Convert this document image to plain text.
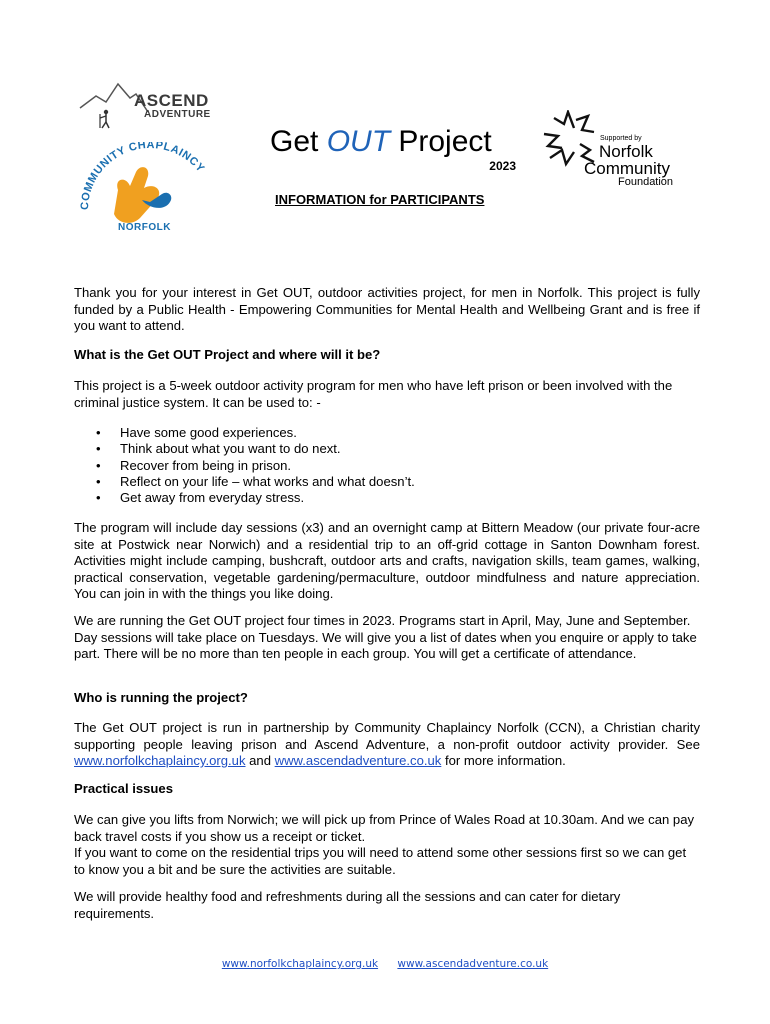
ASCEND
ADVENTURE
COMMUNITY CHAPLAINCY
NORFOLK
Get OUT Project
2023
INFORMATION for PARTICIPANTS
Supported by
Norfolk
Community
Foundation
Thank you for your interest in Get OUT, outdoor activities project, for men in Norfolk. This project is fully funded by a Public Health - Empowering Communities for Mental Health and Wellbeing Grant and is free if you want to attend.
What is the Get OUT Project and where will it be?
This project is a 5-week outdoor activity program for men who have left prison or been involved with the criminal justice system. It can be used to: -
• Have some good experiences.
• Think about what you want to do next.
• Recover from being in prison.
• Reflect on your life – what works and what doesn’t.
• Get away from everyday stress.
The program will include day sessions (x3) and an overnight camp at Bittern Meadow (our private four-acre site at Postwick near Norwich) and a residential trip to an off-grid cottage in Santon Downham forest. Activities might include camping, bushcraft, outdoor arts and crafts, navigation skills, team games, walking, practical conservation, vegetable gardening/permaculture, outdoor mindfulness and nature appreciation. You can join in with the things you like doing.
We are running the Get OUT project four times in 2023. Programs start in April, May, June and September. Day sessions will take place on Tuesdays. We will give you a list of dates when you enquire or apply to take part. There will be no more than ten people in each group. You will get a certificate of attendance.
Who is running the project?
The Get OUT project is run in partnership by Community Chaplaincy Norfolk (CCN), a Christian charity supporting people leaving prison and Ascend Adventure, a non-profit outdoor activity provider. See www.norfolkchaplaincy.org.uk and www.ascendadventure.co.uk for more information.
Practical issues
We can give you lifts from Norwich; we will pick up from Prince of Wales Road at 10.30am. And we can pay back travel costs if you show us a receipt or ticket.
If you want to come on the residential trips you will need to attend some other sessions first so we can get to know you a bit and be sure the activities are suitable.
We will provide healthy food and refreshments during all the sessions and can cater for dietary requirements.
www.norfolkchaplaincy.org.uk www.ascendadventure.co.uk
